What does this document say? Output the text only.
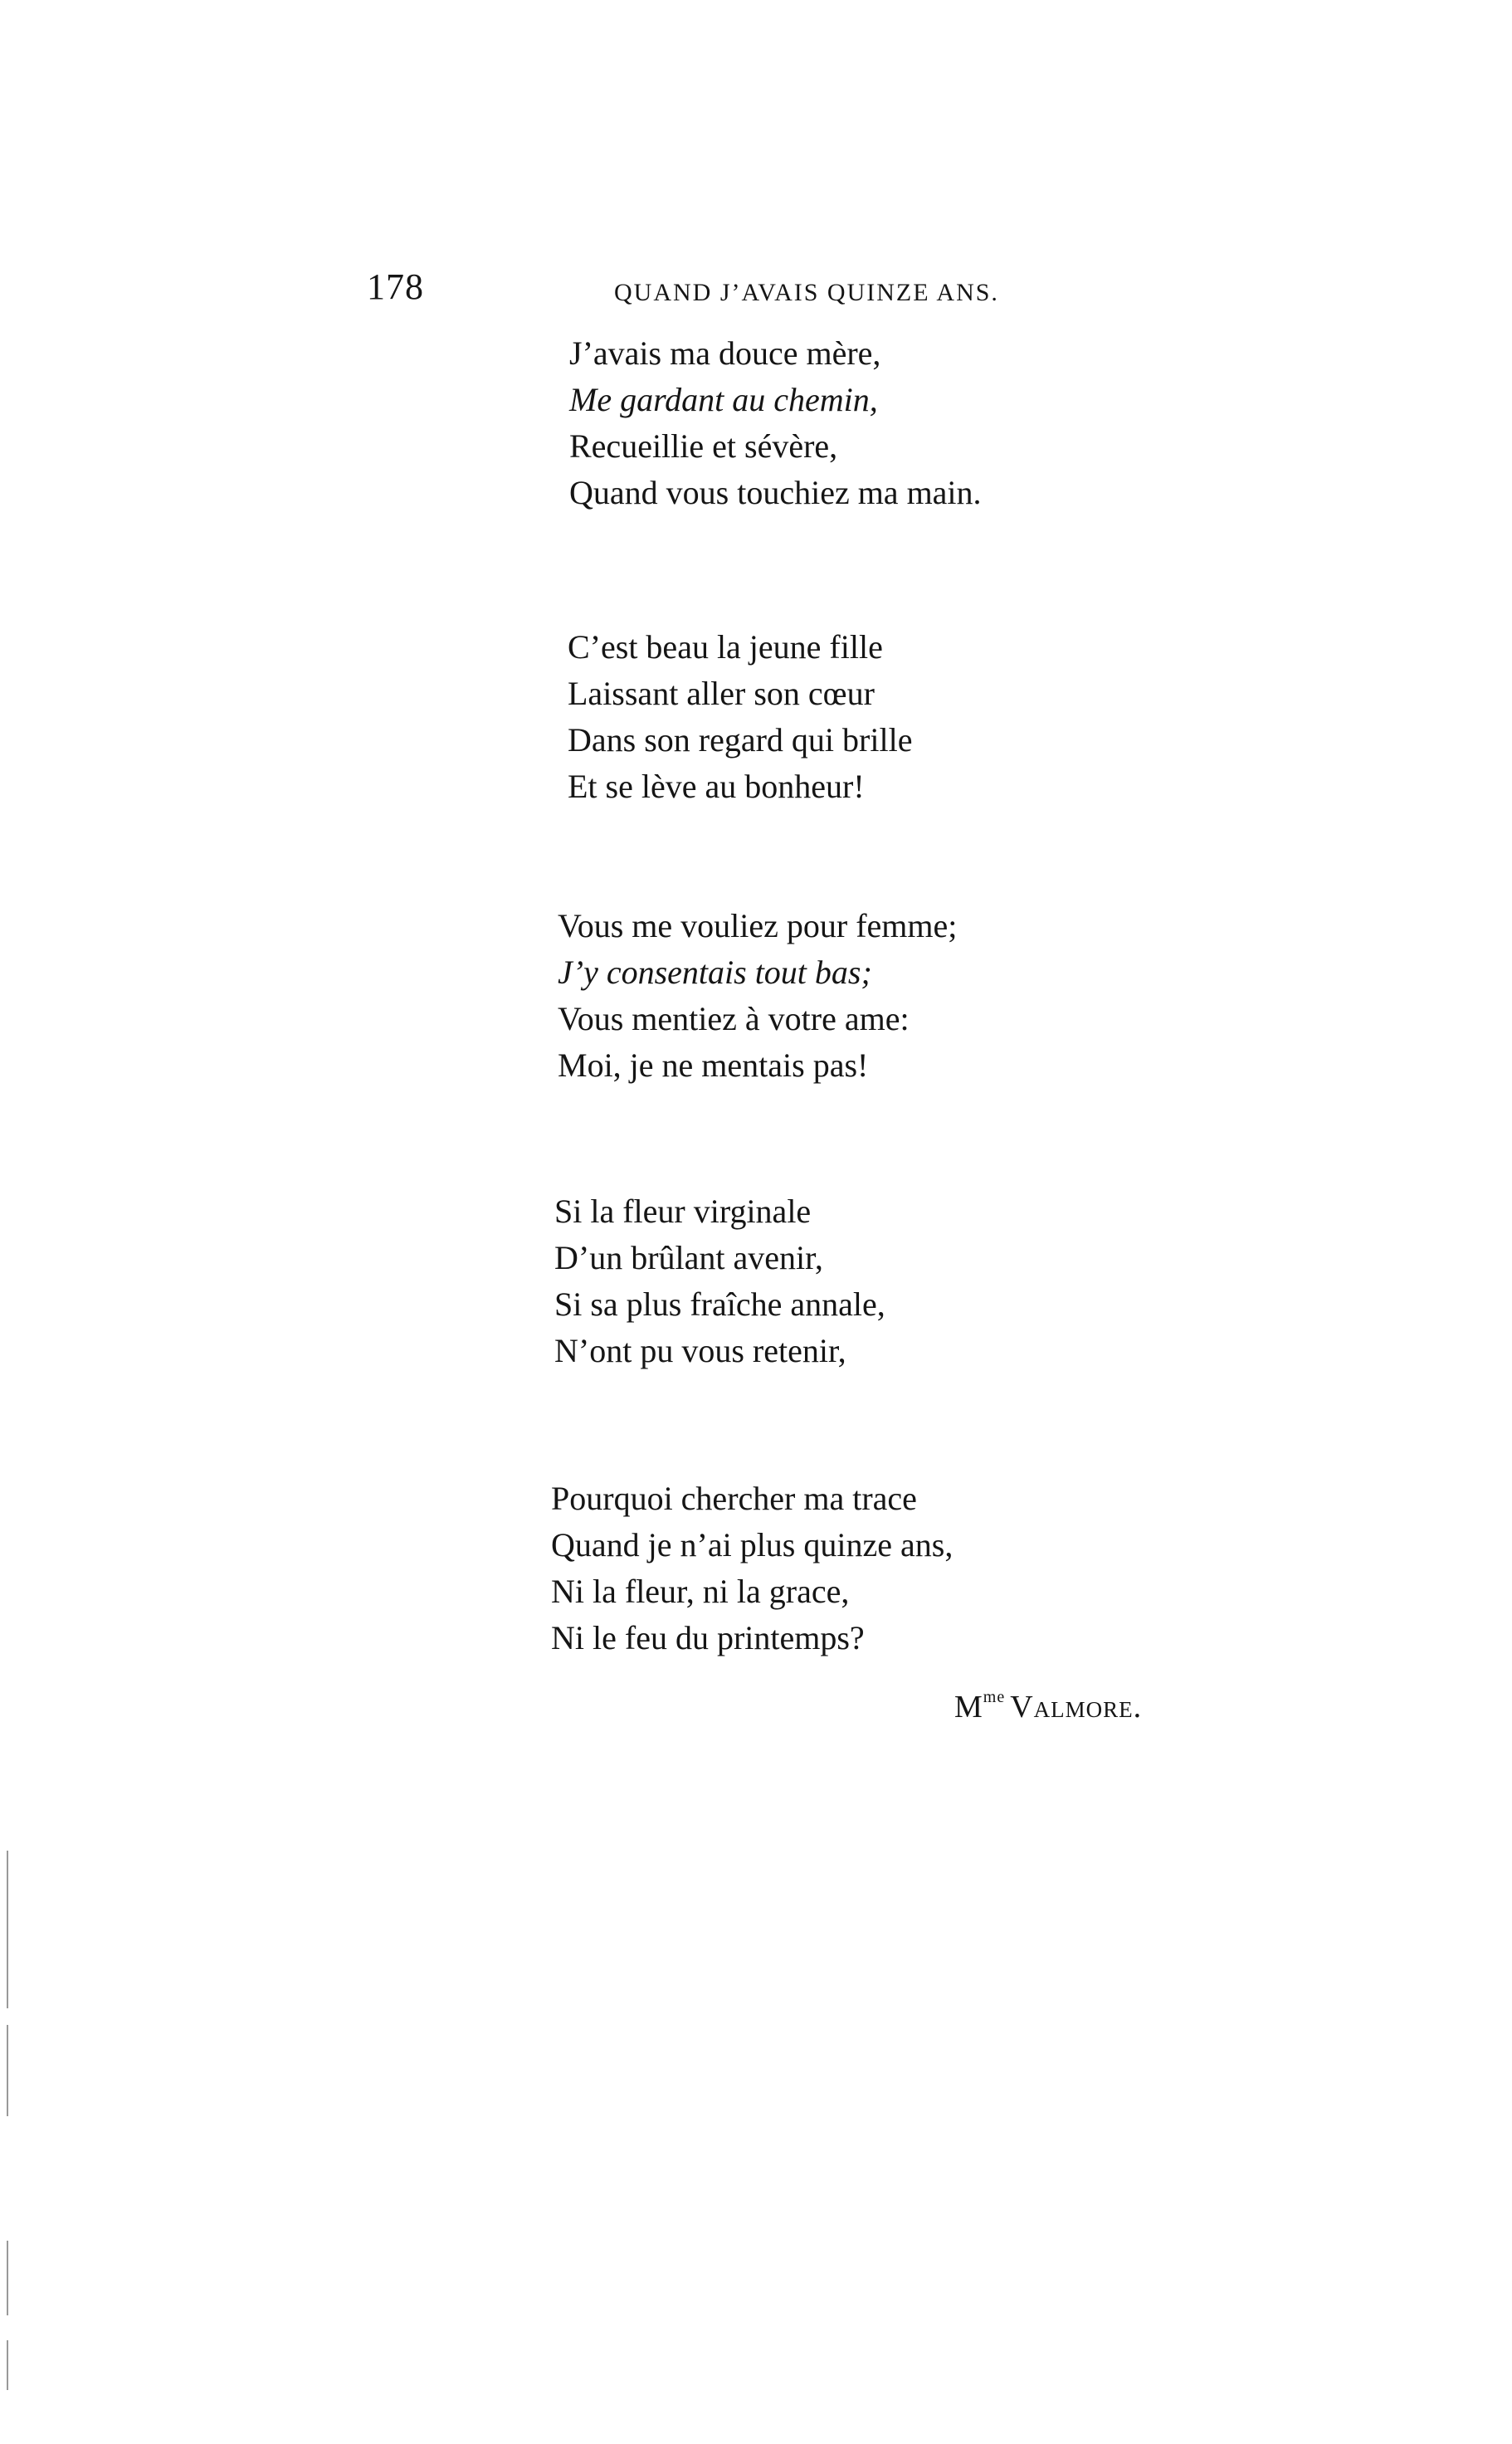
178	QUAND J’AVAIS QUINZE ANS.
J’avais ma douce mère,
Me gardant au chemin,
Recueillie et sévère,
Quand vous touchiez ma main.
C’est beau la jeune fille
Laissant aller son cœur
Dans son regard qui brille
Et se lève au bonheur!
Vous me vouliez pour femme;
J’y consentais tout bas;
Vous mentiez à votre ame:
Moi, je ne mentais pas!
Si la fleur virginale
D’un brûlant avenir,
Si sa plus fraîche annale,
N’ont pu vous retenir,
Pourquoi chercher ma trace
Quand je n’ai plus quinze ans,
Ni la fleur, ni la grace,
Ni le feu du printemps?
$M^{me}$ Valmore.
